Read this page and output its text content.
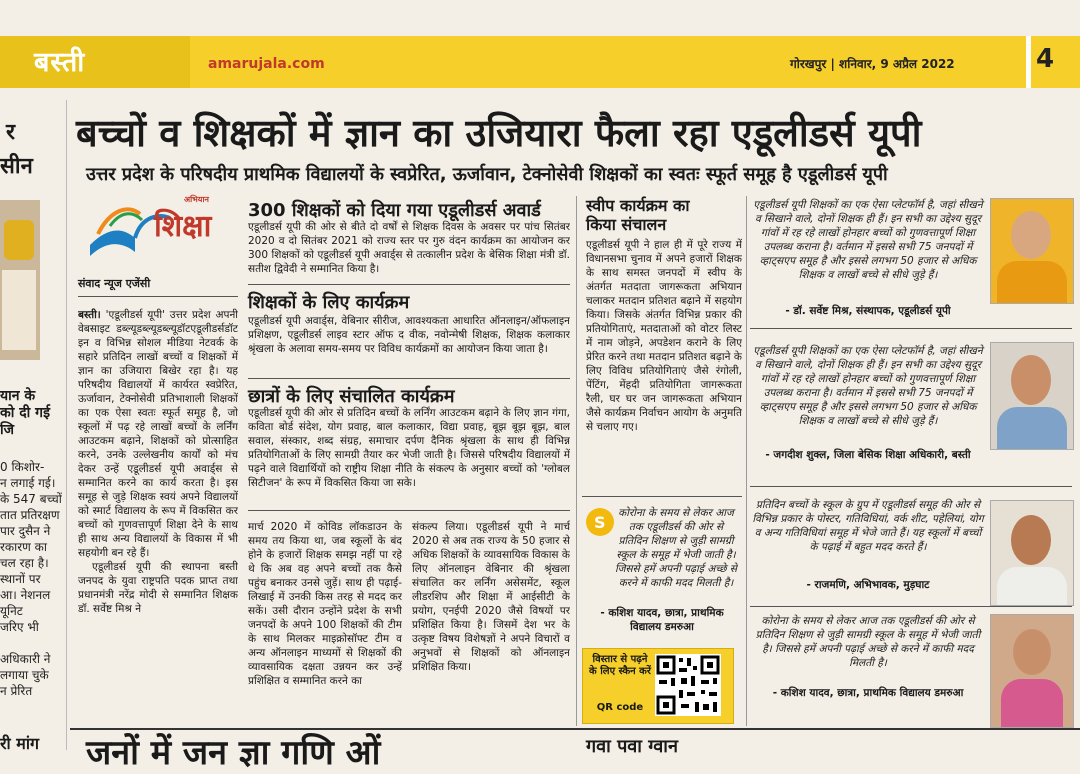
बस्ती	amarujala.com	गोरखपुर | शनिवार, 9 अप्रैल 2022	4
र
सीन
यान के
को दी गई
जि
0 किशोर-
न लगाई गई।
के 547 बच्चों
तात प्रतिरक्षण
पार दुसैन ने
रकारण का
चल रहा है।
स्थानों पर
आ। नेशनल
यूनिट
जरिए भी
अधिकारी ने
लगाया चुके
न प्रेरित
री मांग
बच्चों व शिक्षकों में ज्ञान का उजियारा फैला रहा एडूलीडर्स यूपी
उत्तर प्रदेश के परिषदीय प्राथमिक विद्यालयों के स्वप्रेरित, ऊर्जावान, टेक्नोसेवी शिक्षकों का स्वतः स्फूर्त समूह है एडूलीडर्स यूपी
अभियान
शिक्षा
संवाद न्यूज एजेंसी
बस्ती। 'एडूलीडर्स यूपी' उत्तर प्रदेश अपनी वेबसाइट डब्ल्यूडब्ल्यूडब्ल्यूडॉटएडूलीडर्सडॉट इन व विभिन्न सोशल मीडिया नेटवर्क के सहारे प्रतिदिन लाखों बच्चों व शिक्षकों में ज्ञान का उजियारा बिखेर रहा है। यह परिषदीय विद्यालयों में कार्यरत स्वप्रेरित, ऊर्जावान, टेक्नोसेवी प्रतिभाशाली शिक्षकों का एक ऐसा स्वतः स्फूर्त समूह है, जो स्कूलों में पढ़ रहे लाखों बच्चों के लर्निंग आउटकम बढ़ाने, शिक्षकों को प्रोत्साहित करने, उनके उल्लेखनीय कार्यों को मंच देकर उन्हें एडूलीडर्स यूपी अवार्ड्स से सम्मानित करने का कार्य करता है। इस समूह से जुड़े शिक्षक स्वयं अपने विद्यालयों को स्मार्ट विद्यालय के रूप में विकसित कर बच्चों को गुणवत्तापूर्ण शिक्षा देने के साथ ही साथ अन्य विद्यालयों के विकास में भी सहयोगी बन रहे हैं।
एडूलीडर्स यूपी की स्थापना बस्ती जनपद के युवा राष्ट्रपति पदक प्राप्त तथा प्रधानमंत्री नरेंद्र मोदी से सम्मानित शिक्षक डॉ. सर्वेष्ट मिश्र ने
300 शिक्षकों को दिया गया एडूलीडर्स अवार्ड
एडूलीडर्स यूपी की ओर से बीते दो वर्षों से शिक्षक दिवस के अवसर पर पांच सितंबर 2020 व दो सितंबर 2021 को राज्य स्तर पर गुरु वंदन कार्यक्रम का आयोजन कर 300 शिक्षकों को एडूलीडर्स यूपी अवार्ड्स से तत्कालीन प्रदेश के बेसिक शिक्षा मंत्री डॉ. सतीश द्विवेदी ने सम्मानित किया है।
शिक्षकों के लिए कार्यक्रम
एडूलीडर्स यूपी अवार्ड्स, वेबिनार सीरीज, आवश्यकता आधारित ऑनलाइन/ऑफलाइन प्रशिक्षण, एडूलीडर्स लाइव स्टार ऑफ द वीक, नवोन्मेषी शिक्षक, शिक्षक कलाकार श्रृंखला के अलावा समय-समय पर विविध कार्यक्रमों का आयोजन किया जाता है।
छात्रों के लिए संचालित कार्यक्रम
एडूलीडर्स यूपी की ओर से प्रतिदिन बच्चों के लर्निंग आउटकम बढ़ाने के लिए ज्ञान गंगा, कविता बोर्ड संदेश, योग प्रवाह, बाल कलाकार, विद्या प्रवाह, बूझ बूझ बूझ, बाल सवाल, संस्कार, शब्द संग्रह, समाचार दर्पण दैनिक श्रृंखला के साथ ही विभिन्न प्रतियोगिताओं के लिए सामग्री तैयार कर भेजी जाती है। जिससे परिषदीय विद्यालयों में पढ़ने वाले विद्यार्थियों को राष्ट्रीय शिक्षा नीति के संकल्प के अनुसार बच्चों को 'ग्लोबल सिटीजन' के रूप में विकसित किया जा सके।
मार्च 2020 में कोविड लॉकडाउन के समय तय किया था, जब स्कूलों के बंद होने के हजारों शिक्षक समझ नहीं पा रहे थे कि अब वह अपने बच्चों तक कैसे पहुंच बनाकर उनसे जुड़ें। साथ ही पढ़ाई-लिखाई में उनकी किस तरह से मदद कर सकें। उसी दौरान उन्होंने प्रदेश के सभी जनपदों के अपने 100 शिक्षकों की टीम के साथ मिलकर माइक्रोसॉफ्ट टीम व अन्य ऑनलाइन माध्यमों से शिक्षकों की व्यावसायिक दक्षता उन्नयन कर उन्हें प्रशिक्षित व सम्मानित करने का
संकल्प लिया। एडूलीडर्स यूपी ने मार्च 2020 से अब तक राज्य के 50 हजार से अधिक शिक्षकों के व्यावसायिक विकास के लिए ऑनलाइन वेबिनार की श्रृंखला संचालित कर लर्निंग असेसमेंट, स्कूल लीडरशिप और शिक्षा में आईसीटी के प्रयोग, एनईपी 2020 जैसे विषयों पर प्रशिक्षित किया है। जिसमें देश भर के उत्कृष्ट विषय विशेषज्ञों ने अपने विचारों व अनुभवों से शिक्षकों को ऑनलाइन प्रशिक्षित किया।
स्वीप कार्यक्रम का
किया संचालन
एडूलीडर्स यूपी ने हाल ही में पूरे राज्य में विधानसभा चुनाव में अपने हजारों शिक्षक के साथ समस्त जनपदों में स्वीप के अंतर्गत मतदाता जागरूकता अभियान चलाकर मतदान प्रतिशत बढ़ाने में सहयोग किया। जिसके अंतर्गत विभिन्न प्रकार की प्रतियोगिताएं, मतदाताओं को वोटर लिस्ट में नाम जोड़ने, अपडेशन कराने के लिए प्रेरित करने तथा मतदान प्रतिशत बढ़ाने के लिए विविध प्रतियोगिताएं जैसे रंगोली, पेंटिंग, मेंहदी प्रतियोगिता जागरूकता रैली, घर घर जन जागरूकता अभियान जैसे कार्यक्रम निर्वाचन आयोग के अनुमति से चलाए गए।
S	कोरोना के समय से लेकर आज तक एडूलीडर्स की ओर से प्रतिदिन शिक्षण से जुड़ी सामग्री स्कूल के समूह में भेजी जाती है। जिससे हमें अपनी पढ़ाई अच्छे से करने में काफी मदद मिलती है।
- कशिश यादव, छात्रा, प्राथमिक विद्यालय डमरुआ
विस्तार से पढ़ने के लिए स्कैन करें
QR code
एडूलीडर्स यूपी शिक्षकों का एक ऐसा प्लेटफॉर्म है, जहां सीखने व सिखाने वाले, दोनों शिक्षक ही हैं। इन सभी का उद्देश्य सुदूर गांवों में रह रहे लाखों होनहार बच्चों को गुणवत्तापूर्ण शिक्षा उपलब्ध कराना है। वर्तमान में इससे सभी 75 जनपदों में व्हाट्सएप समूह है और इससे लगभग 50 हजार से अधिक शिक्षक व लाखों बच्चे से सीधे जुड़े हैं।
- डॉ. सर्वेष्ट मिश्र, संस्थापक, एडूलीडर्स यूपी
एडूलीडर्स यूपी शिक्षकों का एक ऐसा प्लेटफॉर्म है, जहां सीखने व सिखाने वाले, दोनों शिक्षक ही हैं। इन सभी का उद्देश्य सुदूर गांवों में रह रहे लाखों होनहार बच्चों को गुणवत्तापूर्ण शिक्षा उपलब्ध कराना है। वर्तमान में इससे सभी 75 जनपदों में व्हाट्सएप समूह है और इससे लगभग 50 हजार से अधिक शिक्षक व लाखों बच्चे से सीधे जुड़े हैं।
- जगदीश शुक्ल, जिला बेसिक शिक्षा अधिकारी, बस्ती
प्रतिदिन बच्चों के स्कूल के ग्रुप में एडूलीडर्स समूह की ओर से विभिन्न प्रकार के पोस्टर, गतिविधियां, वर्क शीट, पहेलियां, योग व अन्य गतिविधियां समूह में भेजे जाते हैं। यह स्कूलों में बच्चों के पढ़ाई में बहुत मदद करते हैं।
- राजमणि, अभिभावक, मुड़घाट
कोरोना के समय से लेकर आज तक एडूलीडर्स की ओर से प्रतिदिन शिक्षण से जुड़ी सामग्री स्कूल के समूह में भेजी जाती है। जिससे हमें अपनी पढ़ाई अच्छे से करने में काफी मदद मिलती है।
- कशिश यादव, छात्रा, प्राथमिक विद्यालय डमरुआ
जनों में जन ज्ञा गणि ओं	गवा पवा ग्वान
